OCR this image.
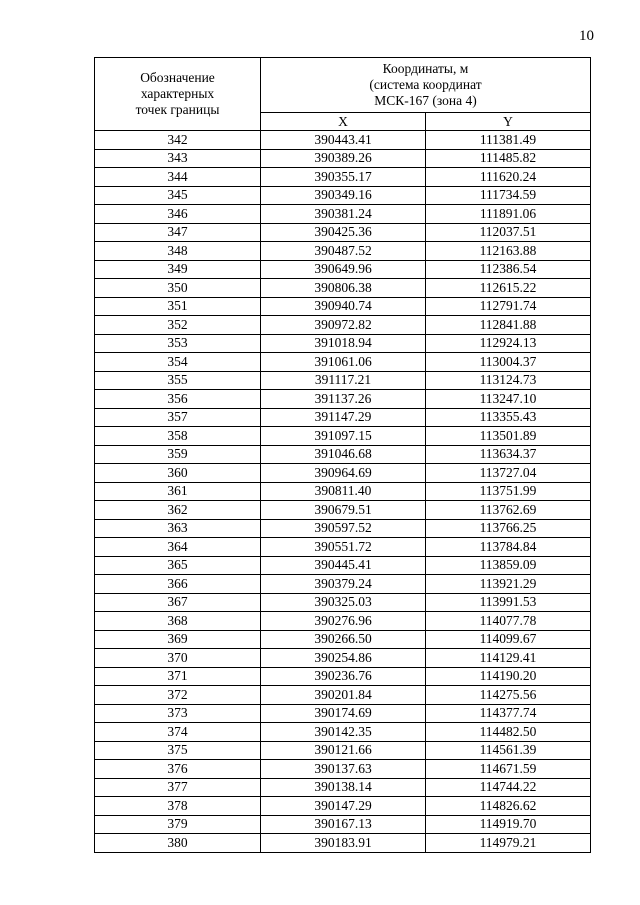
10
Обозначение
характерных
точек границы	Координаты, м
(система координат
МСК-167 (зона 4)	
	X	Y
342	390443.41	111381.49
343	390389.26	111485.82
344	390355.17	111620.24
345	390349.16	111734.59
346	390381.24	111891.06
347	390425.36	112037.51
348	390487.52	112163.88
349	390649.96	112386.54
350	390806.38	112615.22
351	390940.74	112791.74
352	390972.82	112841.88
353	391018.94	112924.13
354	391061.06	113004.37
355	391117.21	113124.73
356	391137.26	113247.10
357	391147.29	113355.43
358	391097.15	113501.89
359	391046.68	113634.37
360	390964.69	113727.04
361	390811.40	113751.99
362	390679.51	113762.69
363	390597.52	113766.25
364	390551.72	113784.84
365	390445.41	113859.09
366	390379.24	113921.29
367	390325.03	113991.53
368	390276.96	114077.78
369	390266.50	114099.67
370	390254.86	114129.41
371	390236.76	114190.20
372	390201.84	114275.56
373	390174.69	114377.74
374	390142.35	114482.50
375	390121.66	114561.39
376	390137.63	114671.59
377	390138.14	114744.22
378	390147.29	114826.62
379	390167.13	114919.70
380	390183.91	114979.21
